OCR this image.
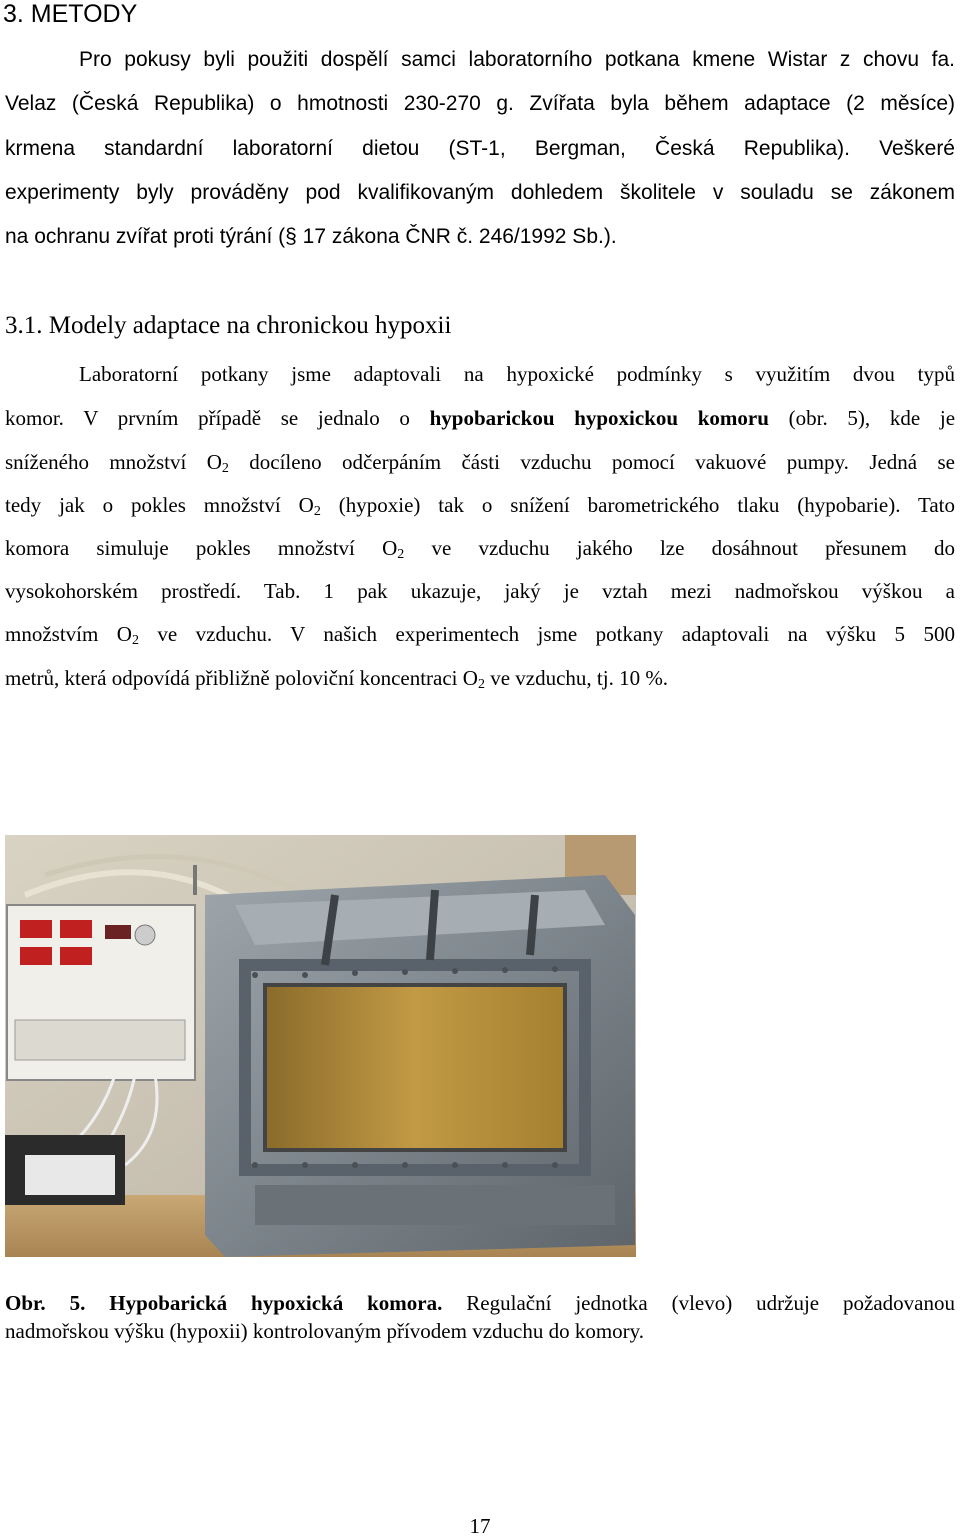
3. METODY
Pro pokusy byli použiti dospělí samci laboratorního potkana kmene Wistar z chovu fa.
Velaz (Česká Republika) o hmotnosti 230-270 g. Zvířata byla během adaptace (2 měsíce)
krmena standardní laboratorní dietou (ST-1, Bergman, Česká Republika). Veškeré
experimenty byly prováděny pod kvalifikovaným dohledem školitele v souladu se zákonem
na ochranu zvířat proti týrání (§ 17 zákona ČNR č. 246/1992 Sb.).
3.1. Modely adaptace na chronickou hypoxii
Laboratorní potkany jsme adaptovali na hypoxické podmínky s využitím dvou typů
komor. V prvním případě se jednalo o hypobarickou hypoxickou komoru (obr. 5), kde je
sníženého množství $O_2$ docíleno odčerpáním části vzduchu pomocí vakuové pumpy. Jedná se
tedy jak o pokles množství $O_2$ (hypoxie) tak o snížení barometrického tlaku (hypobarie). Tato
komora simuluje pokles množství $O_2$ ve vzduchu jakého lze dosáhnout přesunem do
vysokohorském prostředí. Tab. 1 pak ukazuje, jaký je vztah mezi nadmořskou výškou a
množstvím $O_2$ ve vzduchu. V našich experimentech jsme potkany adaptovali na výšku 5 500
metrů, která odpovídá přibližně poloviční koncentraci $O_2$ ve vzduchu, tj. 10 %.
Obr. 5. Hypobarická hypoxická komora. Regulační jednotka (vlevo) udržuje požadovanou
nadmořskou výšku (hypoxii) kontrolovaným přívodem vzduchu do komory.
17
